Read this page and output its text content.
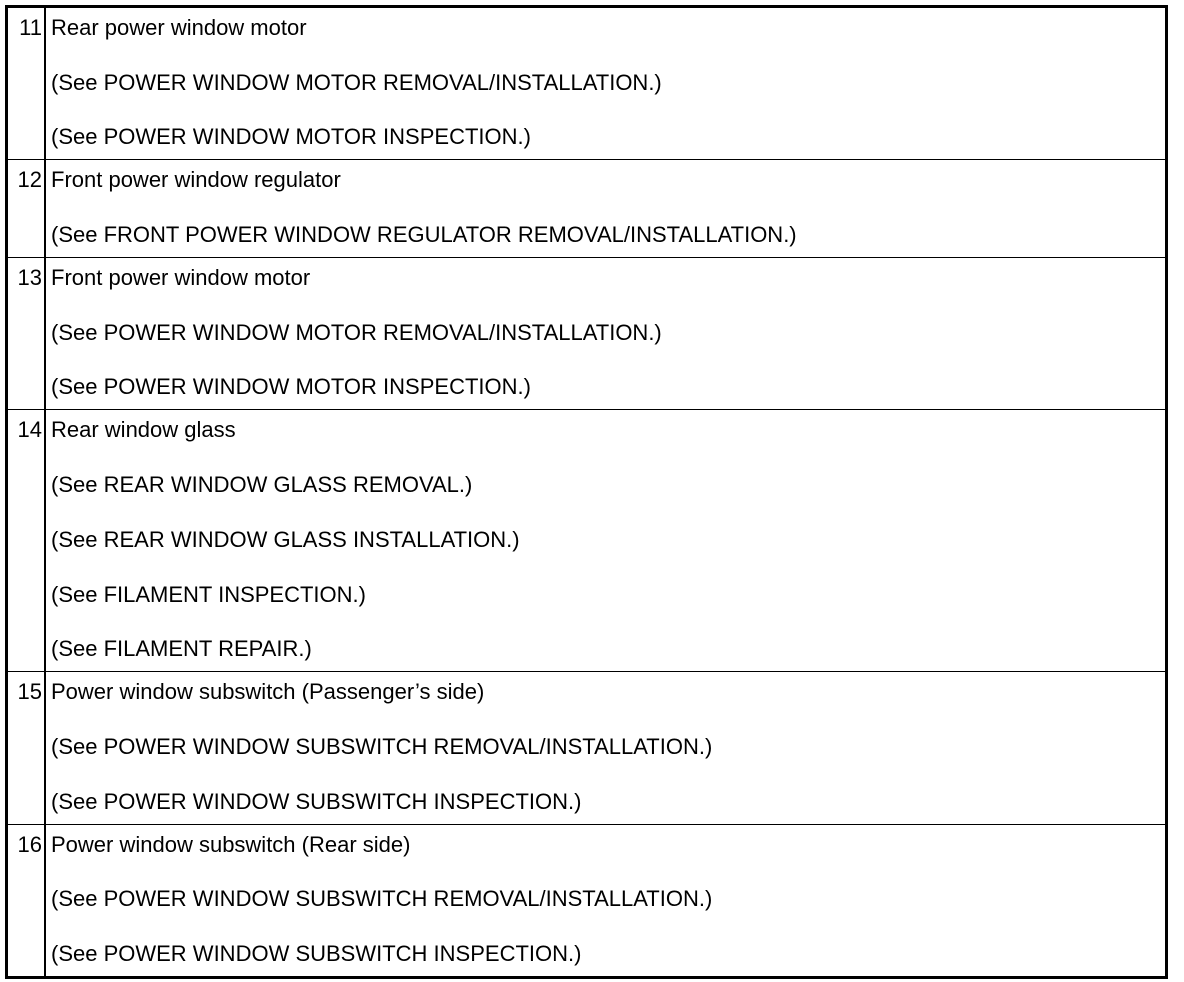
11 Rear power window motor
(See POWER WINDOW MOTOR REMOVAL/INSTALLATION.)
(See POWER WINDOW MOTOR INSPECTION.)
12 Front power window regulator
(See FRONT POWER WINDOW REGULATOR REMOVAL/INSTALLATION.)
13 Front power window motor
(See POWER WINDOW MOTOR REMOVAL/INSTALLATION.)
(See POWER WINDOW MOTOR INSPECTION.)
14 Rear window glass
(See REAR WINDOW GLASS REMOVAL.)
(See REAR WINDOW GLASS INSTALLATION.)
(See FILAMENT INSPECTION.)
(See FILAMENT REPAIR.)
15 Power window subswitch (Passenger’s side)
(See POWER WINDOW SUBSWITCH REMOVAL/INSTALLATION.)
(See POWER WINDOW SUBSWITCH INSPECTION.)
16 Power window subswitch (Rear side)
(See POWER WINDOW SUBSWITCH REMOVAL/INSTALLATION.)
(See POWER WINDOW SUBSWITCH INSPECTION.)
